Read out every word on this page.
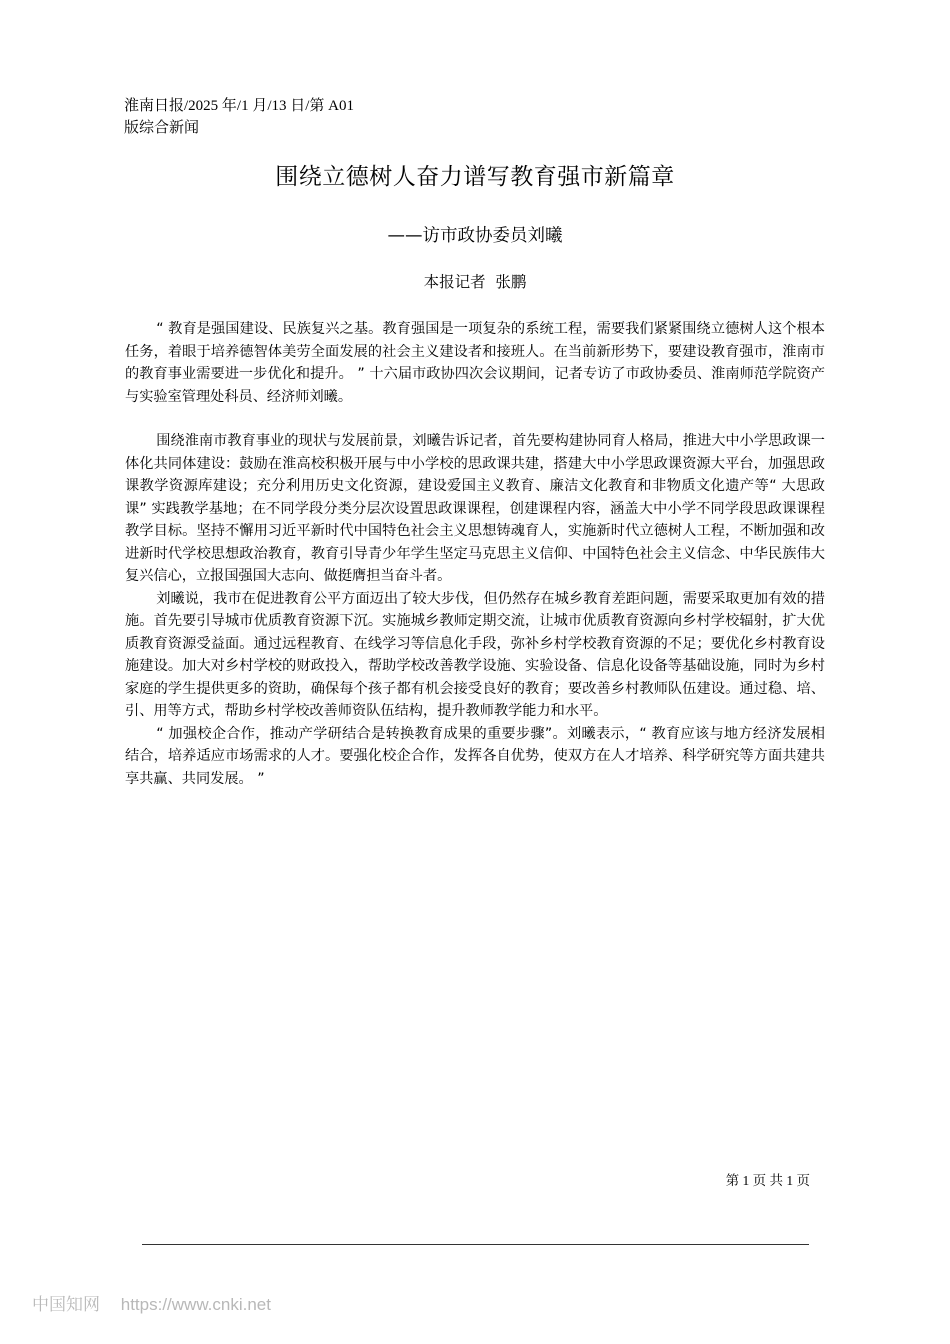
淮南日报/2025 年/1 月/13 日/第 A01
版综合新闻
围绕立德树人奋力谱写教育强市新篇章
——访市政协委员刘曦
本报记者  张鹏

“ 教育是强国建设、民族复兴之基。教育强国是一项复杂的系统工程，需要我们紧紧围绕立德树人这个根本任务，着眼于培养德智体美劳全面发展的社会主义建设者和接班人。在当前新形势下，要建设教育强市，淮南市的教育事业需要进一步优化和提升。 ” 十六届市政协四次会议期间，记者专访了市政协委员、淮南师范学院资产与实验室管理处科员、经济师刘曦。

围绕淮南市教育事业的现状与发展前景，刘曦告诉记者，首先要构建协同育人格局，推进大中小学思政课一体化共同体建设：鼓励在淮高校积极开展与中小学校的思政课共建，搭建大中小学思政课资源大平台，加强思政课教学资源库建设；充分利用历史文化资源，建设爱国主义教育、廉洁文化教育和非物质文化遗产等“ 大思政课” 实践教学基地；在不同学段分类分层次设置思政课课程，创建课程内容，涵盖大中小学不同学段思政课课程教学目标。坚持不懈用习近平新时代中国特色社会主义思想铸魂育人，实施新时代立德树人工程，不断加强和改进新时代学校思想政治教育，教育引导青少年学生坚定马克思主义信仰、中国特色社会主义信念、中华民族伟大复兴信心，立报国强国大志向、做挺膺担当奋斗者。

刘曦说，我市在促进教育公平方面迈出了较大步伐，但仍然存在城乡教育差距问题，需要采取更加有效的措施。首先要引导城市优质教育资源下沉。实施城乡教师定期交流，让城市优质教育资源向乡村学校辐射，扩大优质教育资源受益面。通过远程教育、在线学习等信息化手段，弥补乡村学校教育资源的不足；要优化乡村教育设施建设。加大对乡村学校的财政投入，帮助学校改善教学设施、实验设备、信息化设备等基础设施，同时为乡村家庭的学生提供更多的资助，确保每个孩子都有机会接受良好的教育；要改善乡村教师队伍建设。通过稳、培、引、用等方式，帮助乡村学校改善师资队伍结构，提升教师教学能力和水平。

“ 加强校企合作，推动产学研结合是转换教育成果的重要步骤”。刘曦表示，“ 教育应该与地方经济发展相结合，培养适应市场需求的人才。要强化校企合作，发挥各自优势，使双方在人才培养、科学研究等方面共建共享共赢、共同发展。 ”

第 1 页 共 1 页
中国知网 https://www.cnki.net
